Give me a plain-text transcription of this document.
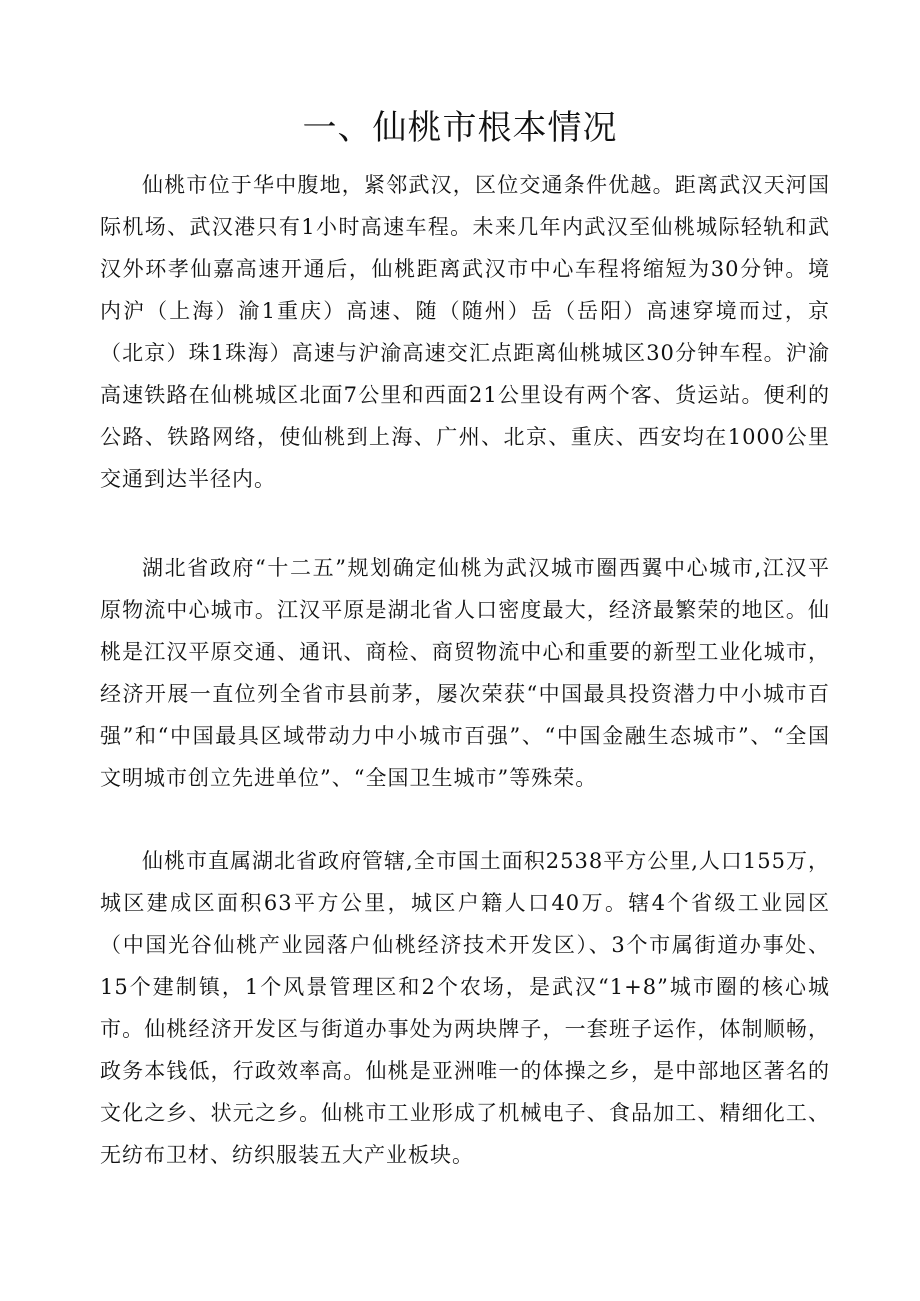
一、仙桃市根本情况

仙桃市位于华中腹地，紧邻武汉，区位交通条件优越。距离武汉天河国际机场、武汉港只有1小时高速车程。未来几年内武汉至仙桃城际轻轨和武汉外环孝仙嘉高速开通后，仙桃距离武汉市中心车程将缩短为30分钟。境内沪（上海）渝1重庆）高速、随（随州）岳（岳阳）高速穿境而过，京（北京）珠1珠海）高速与沪渝高速交汇点距离仙桃城区30分钟车程。沪渝高速铁路在仙桃城区北面7公里和西面21公里设有两个客、货运站。便利的公路、铁路网络，使仙桃到上海、广州、北京、重庆、西安均在1000公里交通到达半径内。

湖北省政府“十二五”规划确定仙桃为武汉城市圈西翼中心城市,江汉平原物流中心城市。江汉平原是湖北省人口密度最大，经济最繁荣的地区。仙桃是江汉平原交通、通讯、商检、商贸物流中心和重要的新型工业化城市，经济开展一直位列全省市县前茅，屡次荣获“中国最具投资潜力中小城市百强”和“中国最具区域带动力中小城市百强”、“中国金融生态城市”、“全国文明城市创立先进单位”、“全国卫生城市”等殊荣。

仙桃市直属湖北省政府管辖,全市国土面积2538平方公里,人口155万，城区建成区面积63平方公里，城区户籍人口40万。辖4个省级工业园区（中国光谷仙桃产业园落户仙桃经济技术开发区）、3个市属街道办事处、15个建制镇，1个风景管理区和2个农场，是武汉“1+8”城市圈的核心城市。仙桃经济开发区与街道办事处为两块牌子，一套班子运作，体制顺畅，政务本钱低，行政效率高。仙桃是亚洲唯一的体操之乡，是中部地区著名的文化之乡、状元之乡。仙桃市工业形成了机械电子、食品加工、精细化工、无纺布卫材、纺织服装五大产业板块。
